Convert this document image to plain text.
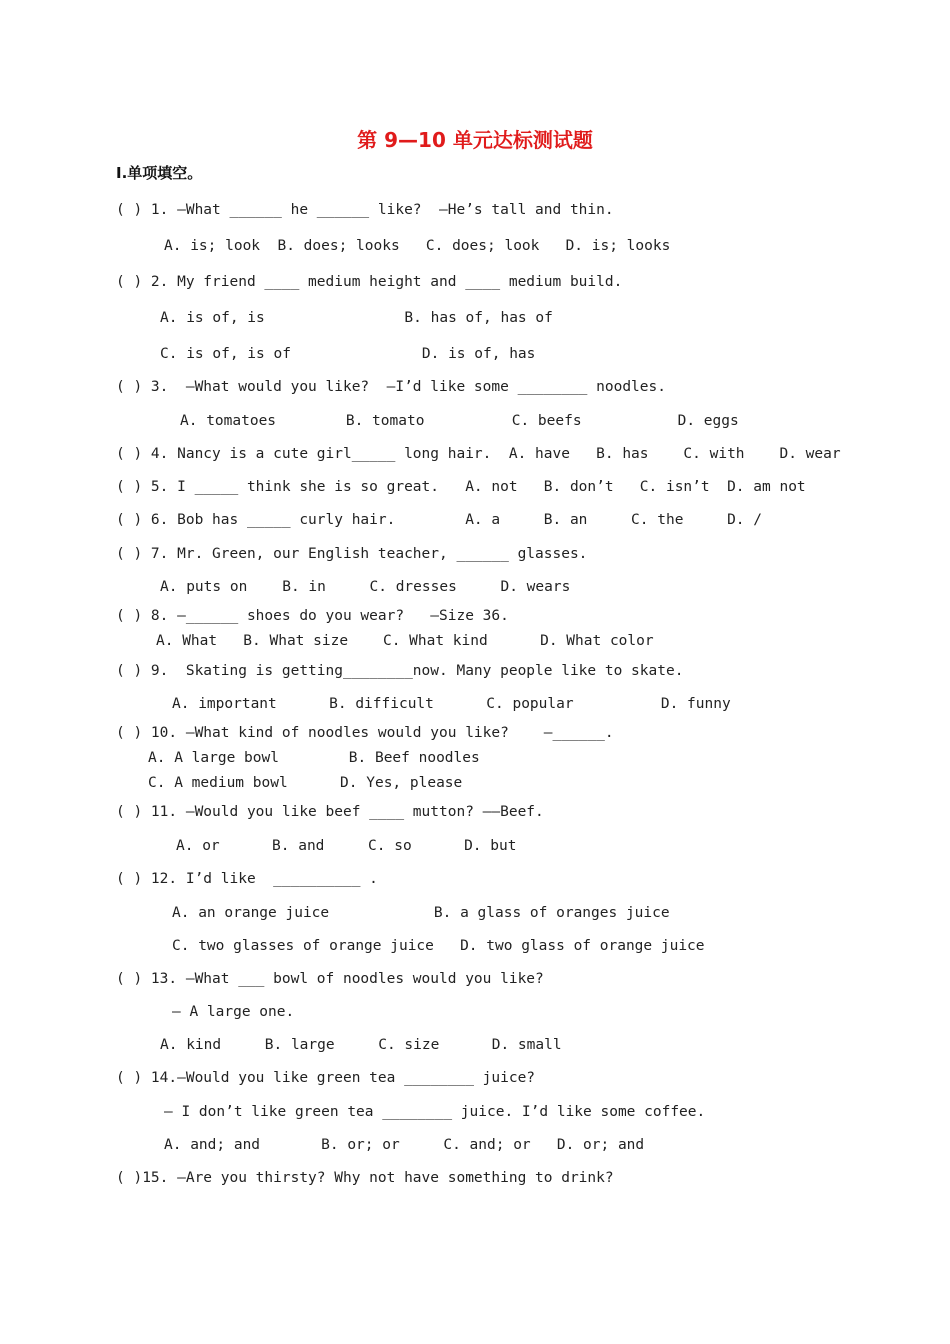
第 9—10 单元达标测试题
I.单项填空。
( ) 1. —What ______ he ______ like?  —He’s tall and thin.
A. is; look  B. does; looks   C. does; look   D. is; looks
( ) 2. My friend ____ medium height and ____ medium build.
A. is of, is                B. has of, has of
C. is of, is of               D. is of, has
( ) 3.  —What would you like?  —I’d like some ________ noodles.
A. tomatoes        B. tomato          C. beefs           D. eggs
( ) 4. Nancy is a cute girl_____ long hair.  A. have   B. has    C. with    D. wear
( ) 5. I _____ think she is so great.   A. not   B. don’t   C. isn’t  D. am not
( ) 6. Bob has _____ curly hair.        A. a     B. an     C. the     D. /
( ) 7. Mr. Green, our English teacher, ______ glasses.
A. puts on    B. in     C. dresses     D. wears
( ) 8. —______ shoes do you wear?   —Size 36.
A. What   B. What size    C. What kind      D. What color
( ) 9.  Skating is getting________now. Many people like to skate.
A. important      B. difficult      C. popular          D. funny
( ) 10. —What kind of noodles would you like?    —______.
A. A large bowl        B. Beef noodles
C. A medium bowl      D. Yes, please
( ) 11. —Would you like beef ____ mutton? ——Beef.
A. or      B. and     C. so      D. but
( ) 12. I’d like  __________ .
A. an orange juice            B. a glass of oranges juice
C. two glasses of orange juice   D. two glass of orange juice
( ) 13. —What ___ bowl of noodles would you like?
— A large one.
A. kind     B. large     C. size      D. small
( ) 14.—Would you like green tea ________ juice?
— I don’t like green tea ________ juice. I’d like some coffee.
A. and; and       B. or; or     C. and; or   D. or; and
( )15. —Are you thirsty? Why not have something to drink?
